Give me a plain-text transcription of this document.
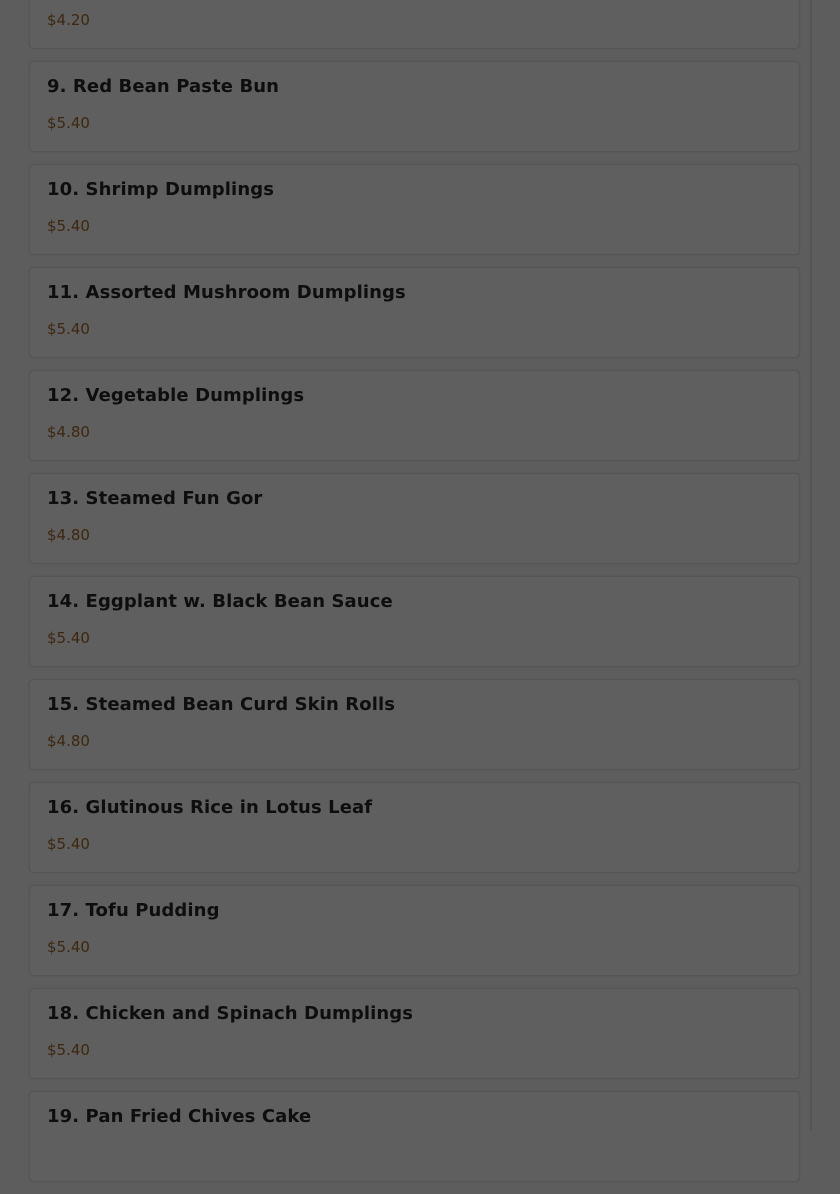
$4.20
9. Red Bean Paste Bun
$5.40
10. Shrimp Dumplings
$5.40
11. Assorted Mushroom Dumplings
$5.40
12. Vegetable Dumplings
$4.80
13. Steamed Fun Gor
$4.80
14. Eggplant w. Black Bean Sauce
$5.40
15. Steamed Bean Curd Skin Rolls
$4.80
16. Glutinous Rice in Lotus Leaf
$5.40
17. Tofu Pudding
$5.40
18. Chicken and Spinach Dumplings
$5.40
19. Pan Fried Chives Cake
